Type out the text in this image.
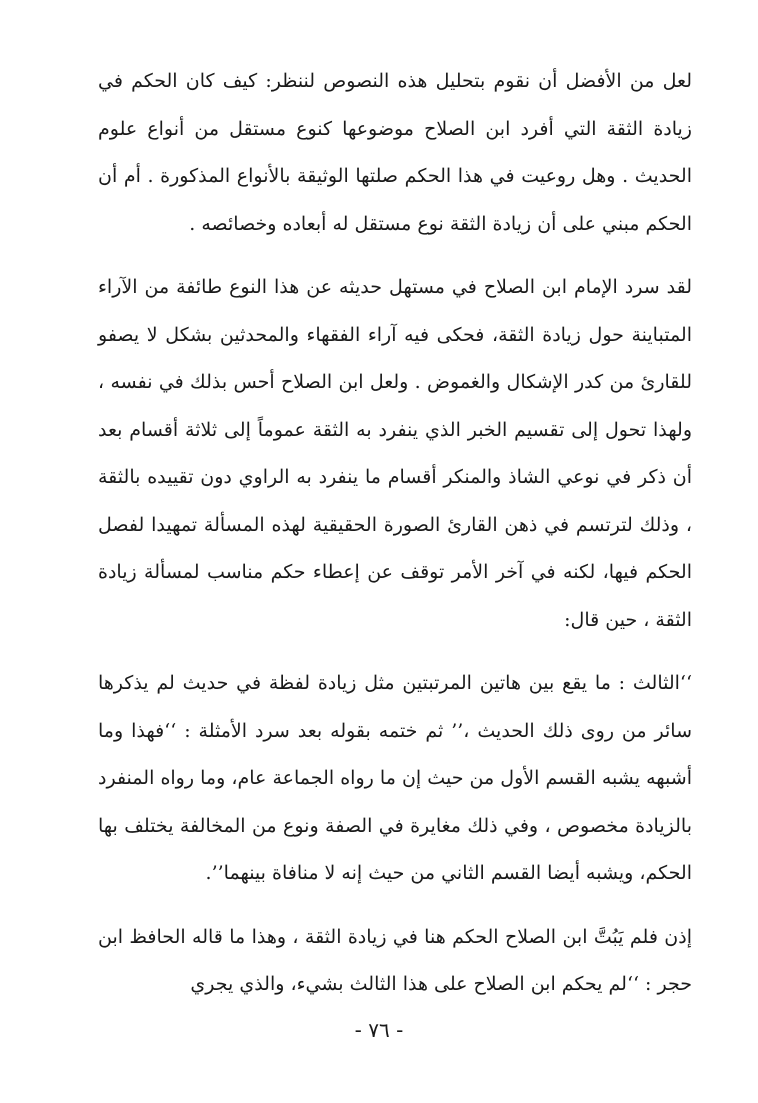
لعل من الأفضل أن نقوم بتحليل هذه النصوص لننظر: كيف كان الحكم في زيادة الثقة التي أفرد ابن الصلاح موضوعها كنوع مستقل من أنواع علوم الحديث . وهل روعيت في هذا الحكم صلتها الوثيقة بالأنواع المذكورة . أم أن الحكم مبني على أن زيادة الثقة نوع مستقل له أبعاده وخصائصه .

لقد سرد الإمام ابن الصلاح في مستهل حديثه عن هذا النوع طائفة من الآراء المتباينة حول زيادة الثقة، فحكى فيه آراء الفقهاء والمحدثين بشكل لا يصفو للقارئ من كدر الإشكال والغموض . ولعل ابن الصلاح أحس بذلك في نفسه ، ولهذا تحول إلى تقسيم الخبر الذي ينفرد به الثقة عموماً إلى ثلاثة أقسام بعد أن ذكر في نوعي الشاذ والمنكر أقسام ما ينفرد به الراوي دون تقييده بالثقة ، وذلك لترتسم في ذهن القارئ الصورة الحقيقية لهذه المسألة تمهيدا لفصل الحكم فيها، لكنه في آخر الأمر توقف عن إعطاء حكم مناسب لمسألة زيادة الثقة ، حين قال:

‘‘الثالث : ما يقع بين هاتين المرتبتين مثل زيادة لفظة في حديث لم يذكرها سائر من روى ذلك الحديث ،’’ ثم ختمه بقوله بعد سرد الأمثلة : ‘‘فهذا وما أشبهه يشبه القسم الأول من حيث إن ما رواه الجماعة عام، وما رواه المنفرد بالزيادة مخصوص ، وفي ذلك مغايرة في الصفة ونوع من المخالفة يختلف بها الحكم، ويشبه أيضا القسم الثاني من حيث إنه لا منافاة بينهما’’.

إذن فلم يَبُتَّ ابن الصلاح الحكم هنا في زيادة الثقة ، وهذا ما قاله الحافظ ابن حجر : ‘‘لم يحكم ابن الصلاح على هذا الثالث بشيء، والذي يجري

- ٧٦ -
